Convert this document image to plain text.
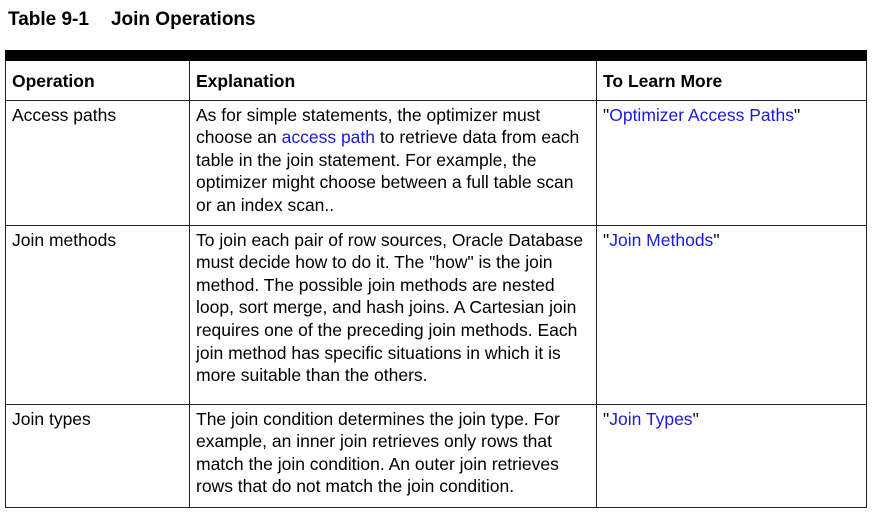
Table 9-1 Join Operations
Operation	Explanation	To Learn More
Access paths	As for simple statements, the optimizer must choose an access path to retrieve data from each table in the join statement. For example, the optimizer might choose between a full table scan or an index scan..	"Optimizer Access Paths"
Join methods	To join each pair of row sources, Oracle Database must decide how to do it. The "how" is the join method. The possible join methods are nested loop, sort merge, and hash joins. A Cartesian join requires one of the preceding join methods. Each join method has specific situations in which it is more suitable than the others.	"Join Methods"
Join types	The join condition determines the join type. For example, an inner join retrieves only rows that match the join condition. An outer join retrieves rows that do not match the join condition.	"Join Types"
